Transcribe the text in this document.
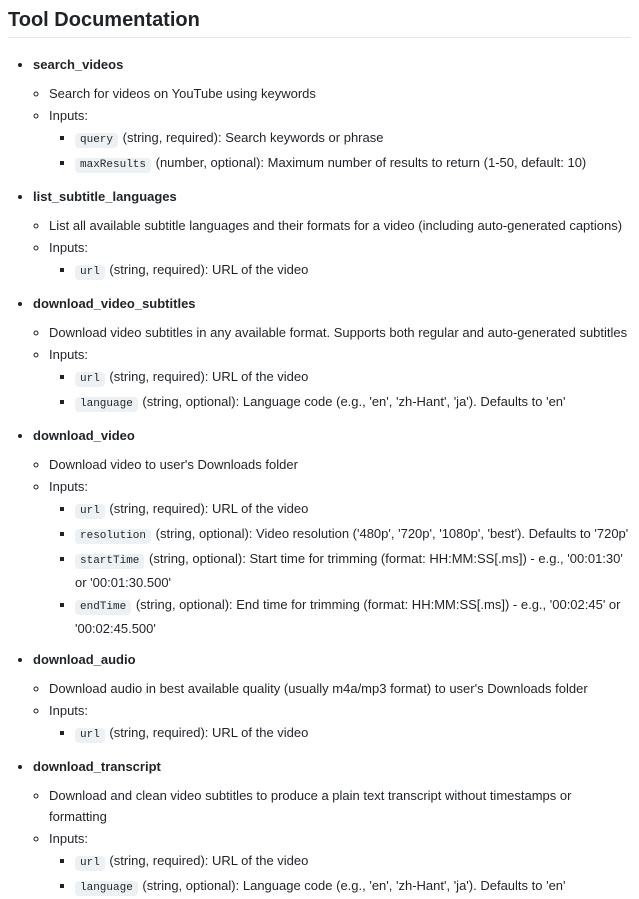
Tool Documentation

• search_videos

◦ Search for videos on YouTube using keywords
◦ Inputs:
▪ query (string, required): Search keywords or phrase
▪ maxResults (number, optional): Maximum number of results to return (1-50, default: 10)

• list_subtitle_languages

◦ List all available subtitle languages and their formats for a video (including auto-generated captions)
◦ Inputs:
▪ url (string, required): URL of the video

• download_video_subtitles

◦ Download video subtitles in any available format. Supports both regular and auto-generated subtitles
◦ Inputs:
▪ url (string, required): URL of the video
▪ language (string, optional): Language code (e.g., 'en', 'zh-Hant', 'ja'). Defaults to 'en'

• download_video

◦ Download video to user's Downloads folder
◦ Inputs:
▪ url (string, required): URL of the video
▪ resolution (string, optional): Video resolution ('480p', '720p', '1080p', 'best'). Defaults to '720p'
▪ startTime (string, optional): Start time for trimming (format: HH:MM:SS[.ms]) - e.g., '00:01:30' or '00:01:30.500'
▪ endTime (string, optional): End time for trimming (format: HH:MM:SS[.ms]) - e.g., '00:02:45' or '00:02:45.500'

• download_audio

◦ Download audio in best available quality (usually m4a/mp3 format) to user's Downloads folder
◦ Inputs:
▪ url (string, required): URL of the video

• download_transcript

◦ Download and clean video subtitles to produce a plain text transcript without timestamps or formatting
◦ Inputs:
▪ url (string, required): URL of the video
▪ language (string, optional): Language code (e.g., 'en', 'zh-Hant', 'ja'). Defaults to 'en'
